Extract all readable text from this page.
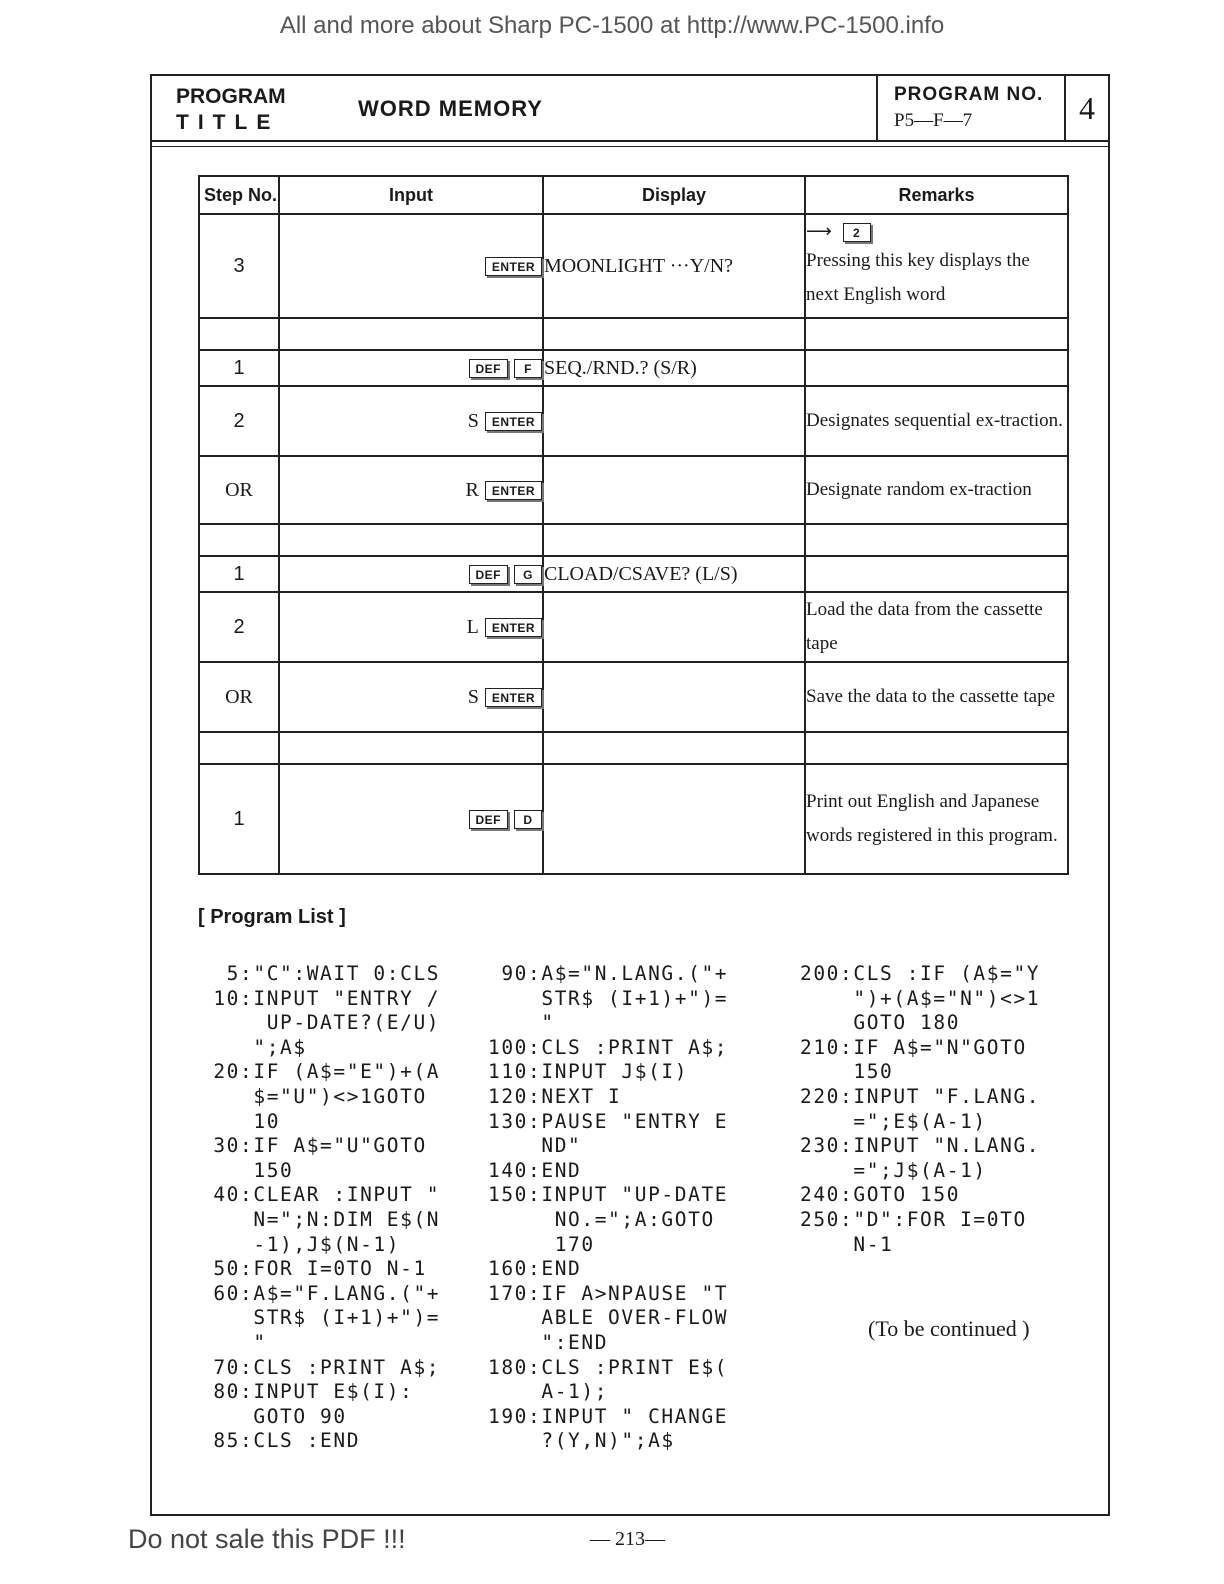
All and more about Sharp PC-1500 at http://www.PC-1500.info
PROGRAM
TITLE
WORD MEMORY
PROGRAM NO.
P5—F—7	4
Step No.	Input	Display	Remarks
3	ENTER	MOONLIGHT ···Y/N?	⟶ 2
Pressing this key displays the next English word

1	DEF F	SEQ./RND.? (S/R)	
2	S ENTER		Designates sequential ex-traction.
OR	R ENTER		Designate random ex-traction

1	DEF G	CLOAD/CSAVE? (L/S)	
2	L ENTER		Load the data from the cassette tape
OR	S ENTER		Save the data to the cassette tape

1	DEF D		Print out English and Japanese words registered in this program.
[ Program List ]
5:"C":WAIT 0:CLS
10:INPUT "ENTRY /
UP-DATE?(E/U)
";A$
20:IF (A$="E")+(A
$="U")<>1GOTO
10
30:IF A$="U"GOTO
150
40:CLEAR :INPUT "
N=";N:DIM E$(N
-1),J$(N-1)
50:FOR I=0TO N-1
60:A$="F.LANG.("+
STR$ (I+1)+")=
"
70:CLS :PRINT A$;
80:INPUT E$(I):
GOTO 90
85:CLS :END
90:A$="N.LANG.("+
STR$ (I+1)+")=
"
100:CLS :PRINT A$;
110:INPUT J$(I)
120:NEXT I
130:PAUSE "ENTRY E
ND"
140:END
150:INPUT "UP-DATE
NO.=";A:GOTO
170
160:END
170:IF A>NPAUSE "T
ABLE OVER-FLOW
":END
180:CLS :PRINT E$(
A-1);
190:INPUT " CHANGE
?(Y,N)";A$
200:CLS :IF (A$="Y
")+(A$="N")<>1
GOTO 180
210:IF A$="N"GOTO
150
220:INPUT "F.LANG.
=";E$(A-1)
230:INPUT "N.LANG.
=";J$(A-1)
240:GOTO 150
250:"D":FOR I=0TO
N-1
(To be continued )
Do not sale this PDF !!!	— 213—
